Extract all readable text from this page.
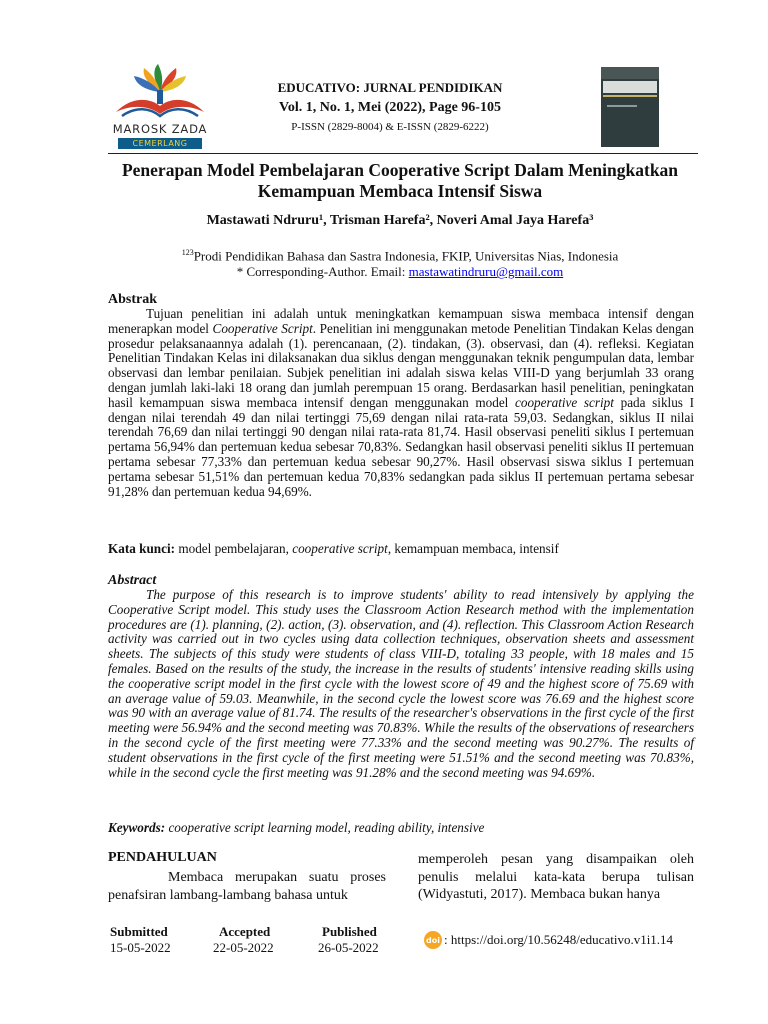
MAROSK ZADA
CEMERLANG
EDUCATIVO: JURNAL PENDIDIKAN
Vol. 1, No. 1, Mei (2022), Page 96-105
P-ISSN (2829-8004) & E-ISSN (2829-6222)
Penerapan Model Pembelajaran Cooperative Script Dalam Meningkatkan
Kemampuan Membaca Intensif Siswa
Mastawati Ndruru¹, Trisman Harefa², Noveri Amal Jaya Harefa³
$^{123}$Prodi Pendidikan Bahasa dan Sastra Indonesia, FKIP, Universitas Nias, Indonesia
* Corresponding-Author. Email: mastawatindruru@gmail.com
Abstrak
Tujuan penelitian ini adalah untuk meningkatkan kemampuan siswa membaca intensif dengan menerapkan model Cooperative Script. Penelitian ini menggunakan metode Penelitian Tindakan Kelas dengan prosedur pelaksanaannya adalah (1). perencanaan, (2). tindakan, (3). observasi, dan (4). refleksi. Kegiatan Penelitian Tindakan Kelas ini dilaksanakan dua siklus dengan menggunakan teknik pengumpulan data, lembar observasi dan lembar penilaian. Subjek penelitian ini adalah siswa kelas VIII-D yang berjumlah 33 orang dengan jumlah laki-laki 18 orang dan jumlah perempuan 15 orang. Berdasarkan hasil penelitian, peningkatan hasil kemampuan siswa membaca intensif dengan menggunakan model cooperative script pada siklus I dengan nilai terendah 49 dan nilai tertinggi 75,69 dengan nilai rata-rata 59,03. Sedangkan, siklus II nilai terendah 76,69 dan nilai tertinggi 90 dengan nilai rata-rata 81,74. Hasil observasi peneliti siklus I pertemuan pertama 56,94% dan pertemuan kedua sebesar 70,83%. Sedangkan hasil observasi peneliti siklus II pertemuan pertama sebesar 77,33% dan pertemuan kedua sebesar 90,27%. Hasil observasi siswa siklus I pertemuan pertama sebesar 51,51% dan pertemuan kedua 70,83% sedangkan pada siklus II pertemuan pertama sebesar 91,28% dan pertemuan kedua 94,69%.
Kata kunci: model pembelajaran, cooperative script, kemampuan membaca, intensif
Abstract
The purpose of this research is to improve students' ability to read intensively by applying the Cooperative Script model. This study uses the Classroom Action Research method with the implementation procedures are (1). planning, (2). action, (3). observation, and (4). reflection. This Classroom Action Research activity was carried out in two cycles using data collection techniques, observation sheets and assessment sheets. The subjects of this study were students of class VIII-D, totaling 33 people, with 18 males and 15 females. Based on the results of the study, the increase in the results of students' intensive reading skills using the cooperative script model in the first cycle with the lowest score of 49 and the highest score of 75.69 with an average value of 59.03. Meanwhile, in the second cycle the lowest score was 76.69 and the highest score was 90 with an average value of 81.74. The results of the researcher's observations in the first cycle of the first meeting were 56.94% and the second meeting was 70.83%. While the results of the observations of researchers in the second cycle of the first meeting were 77.33% and the second meeting was 90.27%. The results of student observations in the first cycle of the first meeting were 51.51% and the second meeting was 70.83%, while in the second cycle the first meeting was 91.28% and the second meeting was 94.69%.
Keywords: cooperative script learning model, reading ability, intensive
PENDAHULUAN
Membaca merupakan suatu proses penafsiran lambang-lambang bahasa untuk
memperoleh pesan yang disampaikan oleh penulis melalui kata-kata berupa tulisan (Widyastuti, 2017). Membaca bukan hanya
Submitted
15-05-2022
Accepted
22-05-2022
Published
26-05-2022	doi : https://doi.org/10.56248/educativo.v1i1.14
